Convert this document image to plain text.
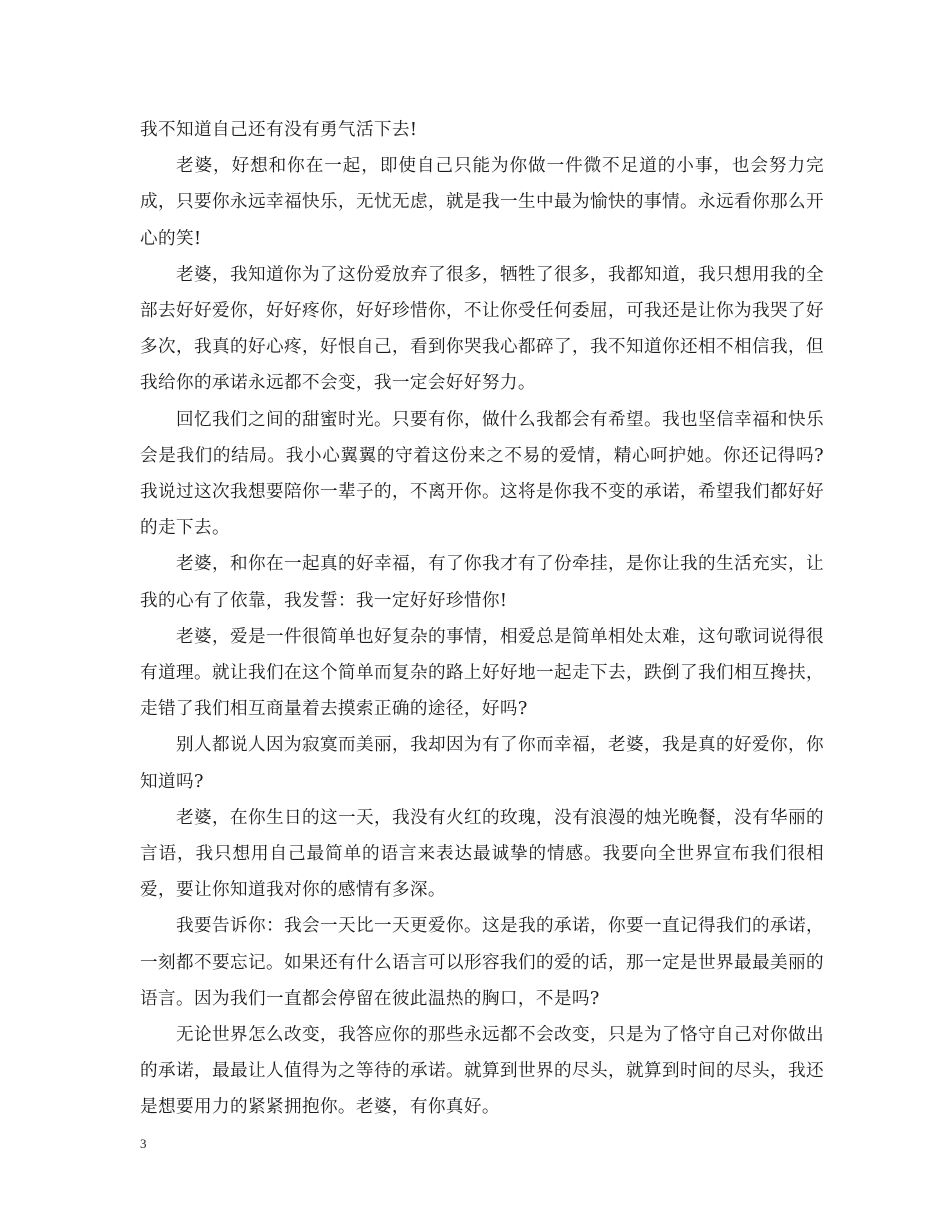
我不知道自己还有没有勇气活下去!

老婆，好想和你在一起，即使自己只能为你做一件微不足道的小事，也会努力完成，只要你永远幸福快乐，无忧无虑，就是我一生中最为愉快的事情。永远看你那么开心的笑!

老婆，我知道你为了这份爱放弃了很多，牺牲了很多，我都知道，我只想用我的全部去好好爱你，好好疼你，好好珍惜你，不让你受任何委屈，可我还是让你为我哭了好多次，我真的好心疼，好恨自己，看到你哭我心都碎了，我不知道你还相不相信我，但我给你的承诺永远都不会变，我一定会好好努力。

回忆我们之间的甜蜜时光。只要有你，做什么我都会有希望。我也坚信幸福和快乐会是我们的结局。我小心翼翼的守着这份来之不易的爱情，精心呵护她。你还记得吗?我说过这次我想要陪你一辈子的，不离开你。这将是你我不变的承诺，希望我们都好好的走下去。

老婆，和你在一起真的好幸福，有了你我才有了份牵挂，是你让我的生活充实，让我的心有了依靠，我发誓：我一定好好珍惜你!

老婆，爱是一件很简单也好复杂的事情，相爱总是简单相处太难，这句歌词说得很有道理。就让我们在这个简单而复杂的路上好好地一起走下去，跌倒了我们相互搀扶，走错了我们相互商量着去摸索正确的途径，好吗?

别人都说人因为寂寞而美丽，我却因为有了你而幸福，老婆，我是真的好爱你，你知道吗?

老婆，在你生日的这一天，我没有火红的玫瑰，没有浪漫的烛光晚餐，没有华丽的言语，我只想用自己最简单的语言来表达最诚挚的情感。我要向全世界宣布我们很相爱，要让你知道我对你的感情有多深。

我要告诉你：我会一天比一天更爱你。这是我的承诺，你要一直记得我们的承诺，一刻都不要忘记。如果还有什么语言可以形容我们的爱的话，那一定是世界最最美丽的语言。因为我们一直都会停留在彼此温热的胸口，不是吗?

无论世界怎么改变，我答应你的那些永远都不会改变，只是为了恪守自己对你做出的承诺，最最让人值得为之等待的承诺。就算到世界的尽头，就算到时间的尽头，我还是想要用力的紧紧拥抱你。老婆，有你真好。

3
